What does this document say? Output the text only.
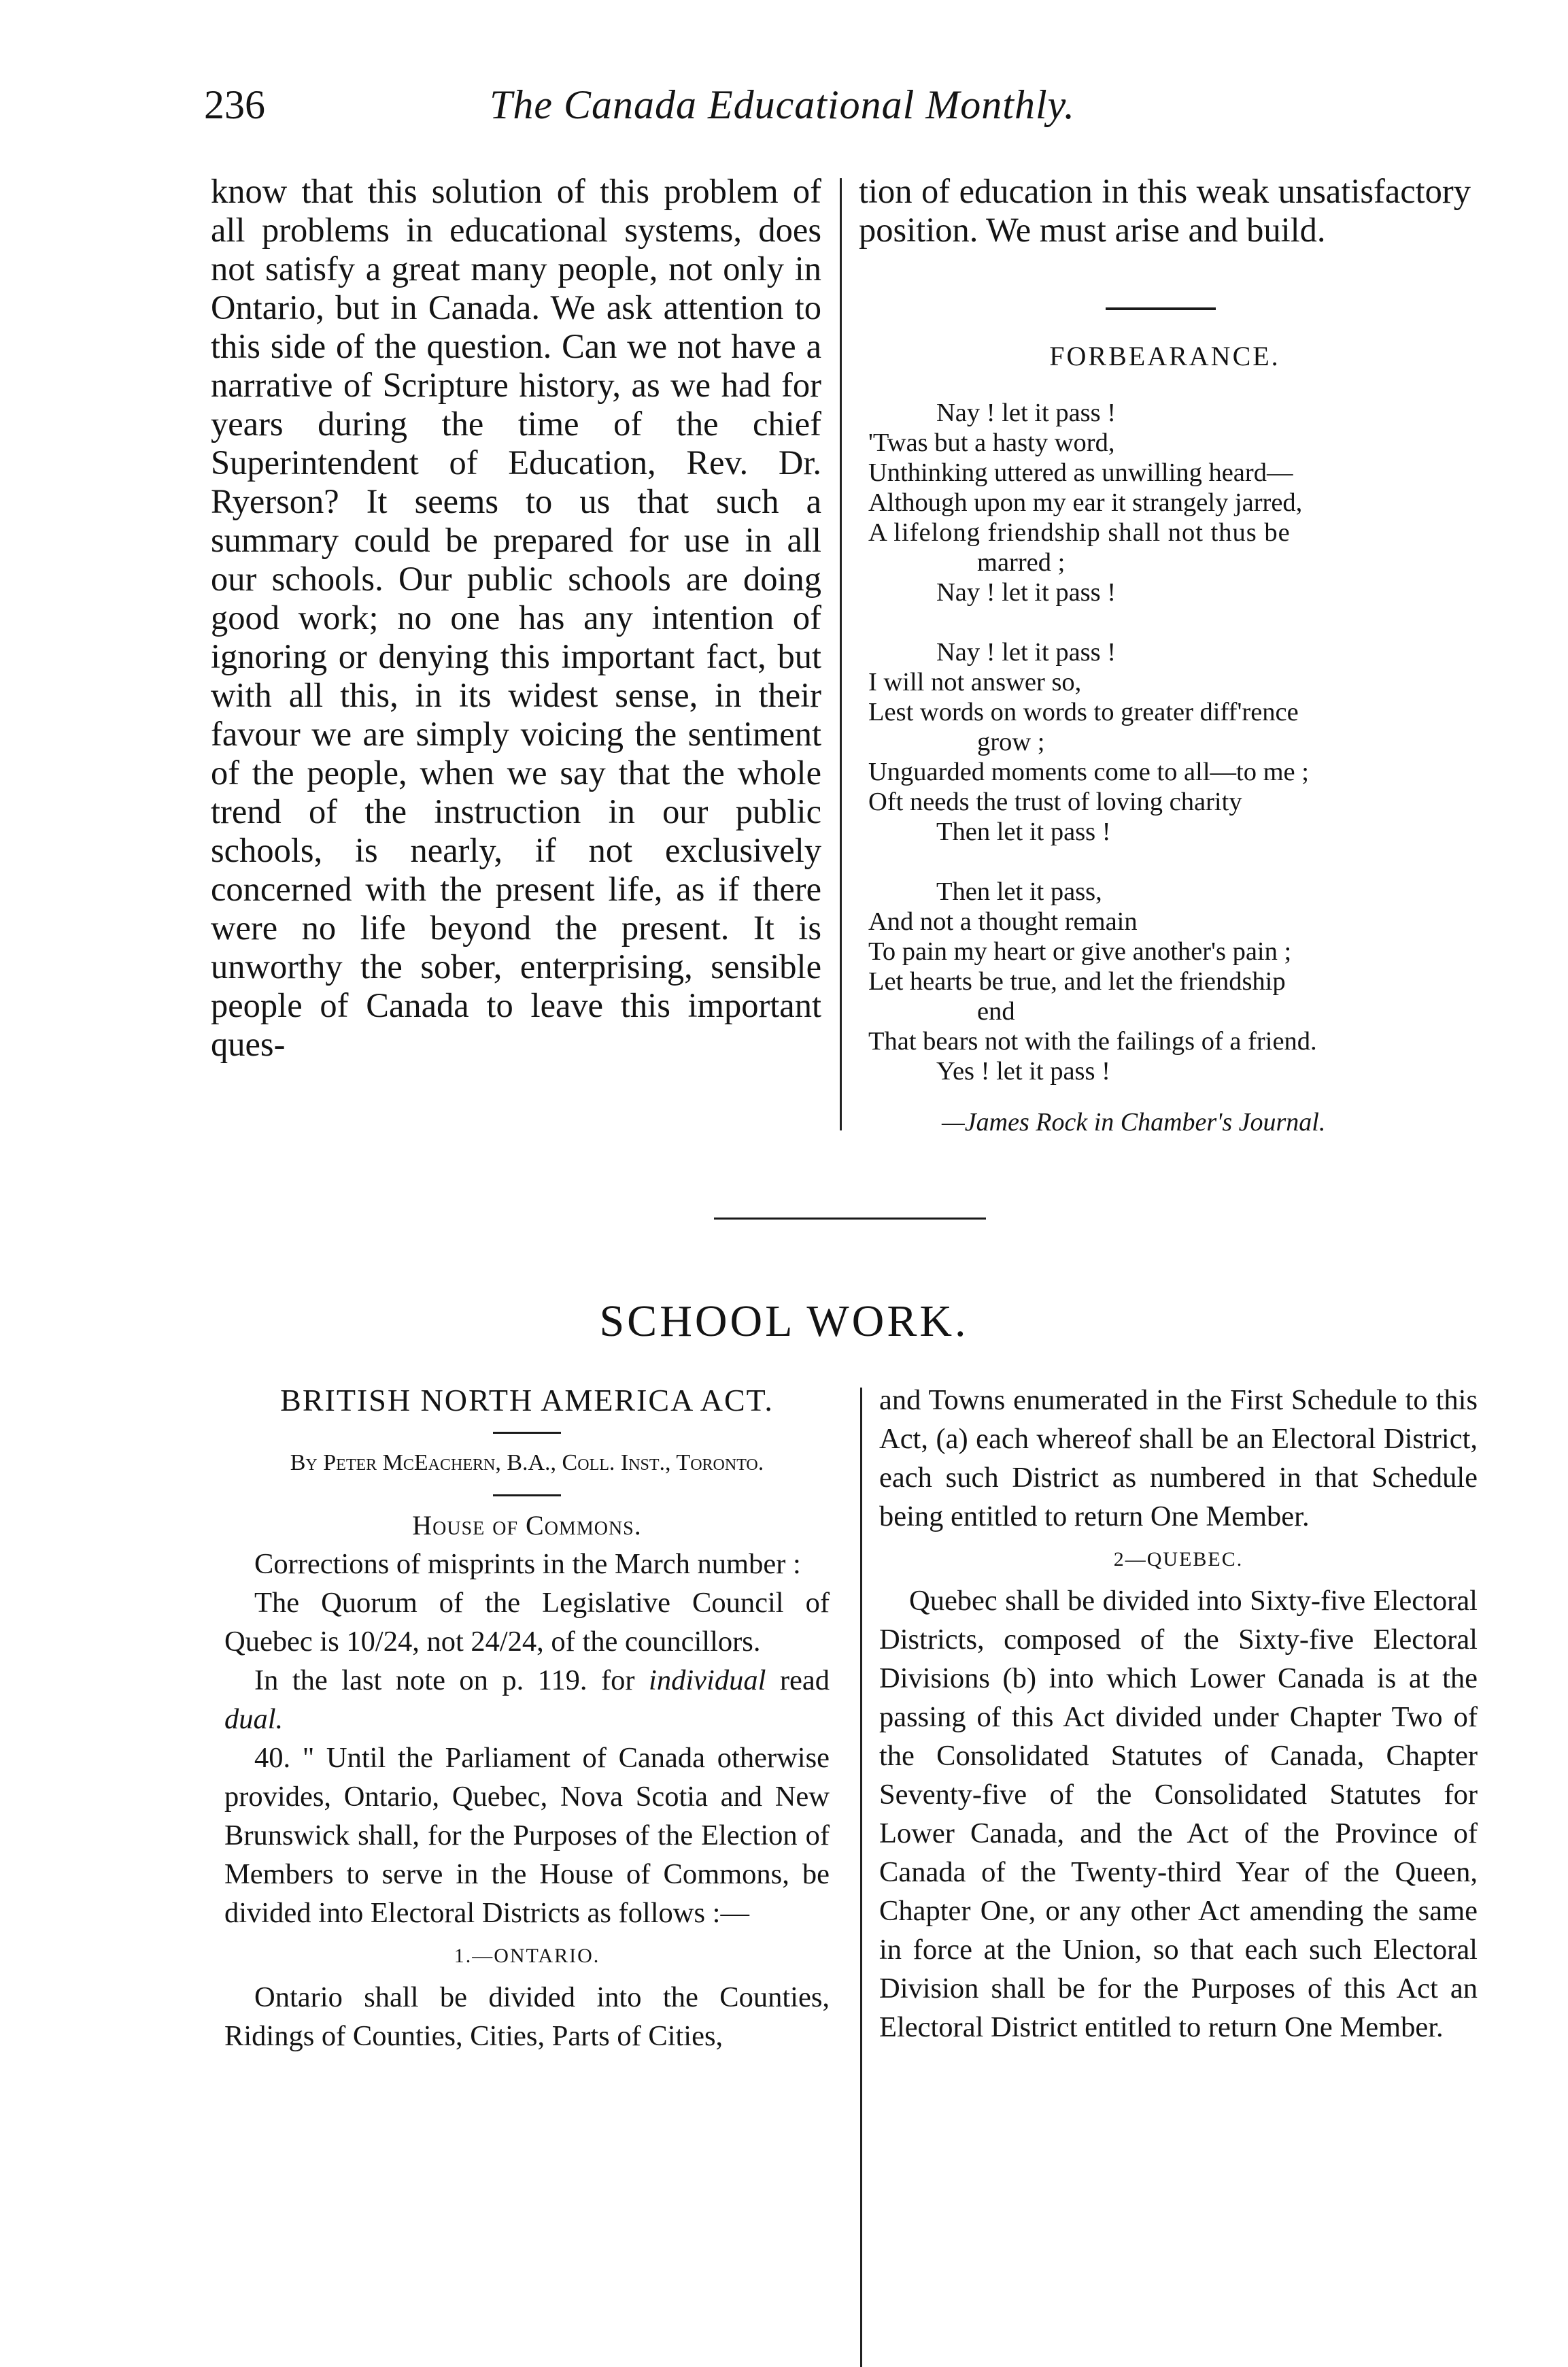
236	The Canada Educational Monthly.

know that this solution of this problem of all problems in educational systems, does not satisfy a great many people, not only in Ontario, but in Canada. We ask attention to this side of the question. Can we not have a narrative of Scripture history, as we had for years during the time of the chief Superintendent of Education, Rev. Dr. Ryerson? It seems to us that such a summary could be prepared for use in all our schools. Our public schools are doing good work; no one has any intention of ignoring or denying this important fact, but with all this, in its widest sense, in their favour we are simply voicing the sentiment of the people, when we say that the whole trend of the instruction in our public schools, is nearly, if not exclusively concerned with the present life, as if there were no life beyond the present. It is unworthy the sober, enterprising, sensible people of Canada to leave this important ques-

tion of education in this weak unsatisfactory position. We must arise and build.

FORBEARANCE.
Nay ! let it pass !
'Twas but a hasty word,
Unthinking uttered as unwilling heard—
Although upon my ear it strangely jarred,
A lifelong friendship shall not thus be
marred ;
Nay ! let it pass !
Nay ! let it pass !
I will not answer so,
Lest words on words to greater diff'rence
grow ;
Unguarded moments come to all—to me ;
Oft needs the trust of loving charity
Then let it pass !
Then let it pass,
And not a thought remain
To pain my heart or give another's pain ;
Let hearts be true, and let the friendship
end
That bears not with the failings of a friend.
Yes ! let it pass !
—James Rock in Chamber's Journal.
SCHOOL WORK.
BRITISH NORTH AMERICA ACT.
By Peter McEachern, B.A., Coll. Inst., Toronto.
House of Commons.

Corrections of misprints in the March number :

The Quorum of the Legislative Council of Quebec is 10/24, not 24/24, of the councillors.

In the last note on p. 119. for individual read dual.

40. " Until the Parliament of Canada otherwise provides, Ontario, Quebec, Nova Scotia and New Brunswick shall, for the Purposes of the Election of Members to serve in the House of Commons, be divided into Electoral Districts as follows :—

1.—ONTARIO.

Ontario shall be divided into the Counties, Ridings of Counties, Cities, Parts of Cities,

and Towns enumerated in the First Schedule to this Act, (a) each whereof shall be an Electoral District, each such District as numbered in that Schedule being entitled to return One Member.

2—QUEBEC.

Quebec shall be divided into Sixty-five Electoral Districts, composed of the Sixty-five Electoral Divisions (b) into which Lower Canada is at the passing of this Act divided under Chapter Two of the Consolidated Statutes of Canada, Chapter Seventy-five of the Consolidated Statutes for Lower Canada, and the Act of the Province of Canada of the Twenty-third Year of the Queen, Chapter One, or any other Act amending the same in force at the Union, so that each such Electoral Division shall be for the Purposes of this Act an Electoral District entitled to return One Member.
